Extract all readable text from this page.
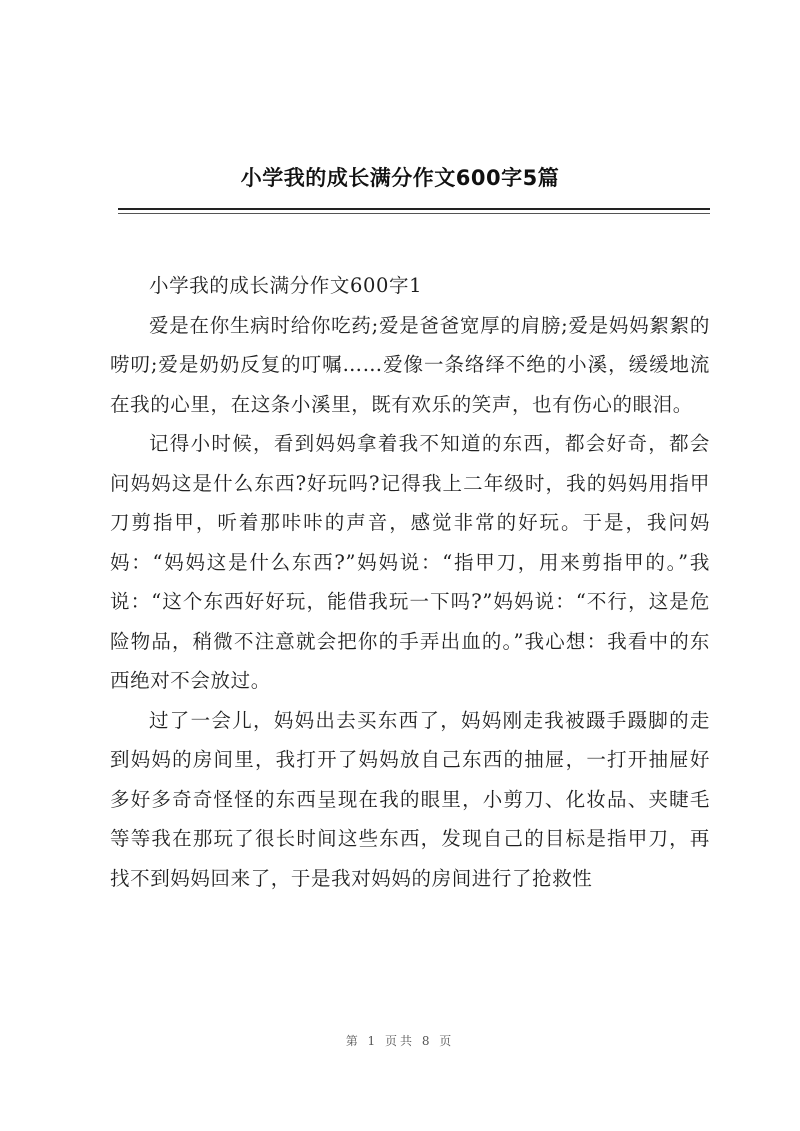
小学我的成长满分作文600字5篇

小学我的成长满分作文600字1

爱是在你生病时给你吃药;爱是爸爸宽厚的肩膀;爱是妈妈絮絮的唠叨;爱是奶奶反复的叮嘱……爱像一条络绎不绝的小溪，缓缓地流在我的心里，在这条小溪里，既有欢乐的笑声，也有伤心的眼泪。

记得小时候，看到妈妈拿着我不知道的东西，都会好奇，都会问妈妈这是什么东西?好玩吗?记得我上二年级时，我的妈妈用指甲刀剪指甲，听着那咔咔的声音，感觉非常的好玩。于是，我问妈妈：“妈妈这是什么东西?”妈妈说：“指甲刀，用来剪指甲的。”我说：“这个东西好好玩，能借我玩一下吗?”妈妈说：“不行，这是危险物品，稍微不注意就会把你的手弄出血的。”我心想：我看中的东西绝对不会放过。

过了一会儿，妈妈出去买东西了，妈妈刚走我被蹑手蹑脚的走到妈妈的房间里，我打开了妈妈放自己东西的抽屉，一打开抽屉好多好多奇奇怪怪的东西呈现在我的眼里，小剪刀、化妆品、夹睫毛等等我在那玩了很长时间这些东西，发现自己的目标是指甲刀，再找不到妈妈回来了，于是我对妈妈的房间进行了抢救性

第 1 页共 8 页
